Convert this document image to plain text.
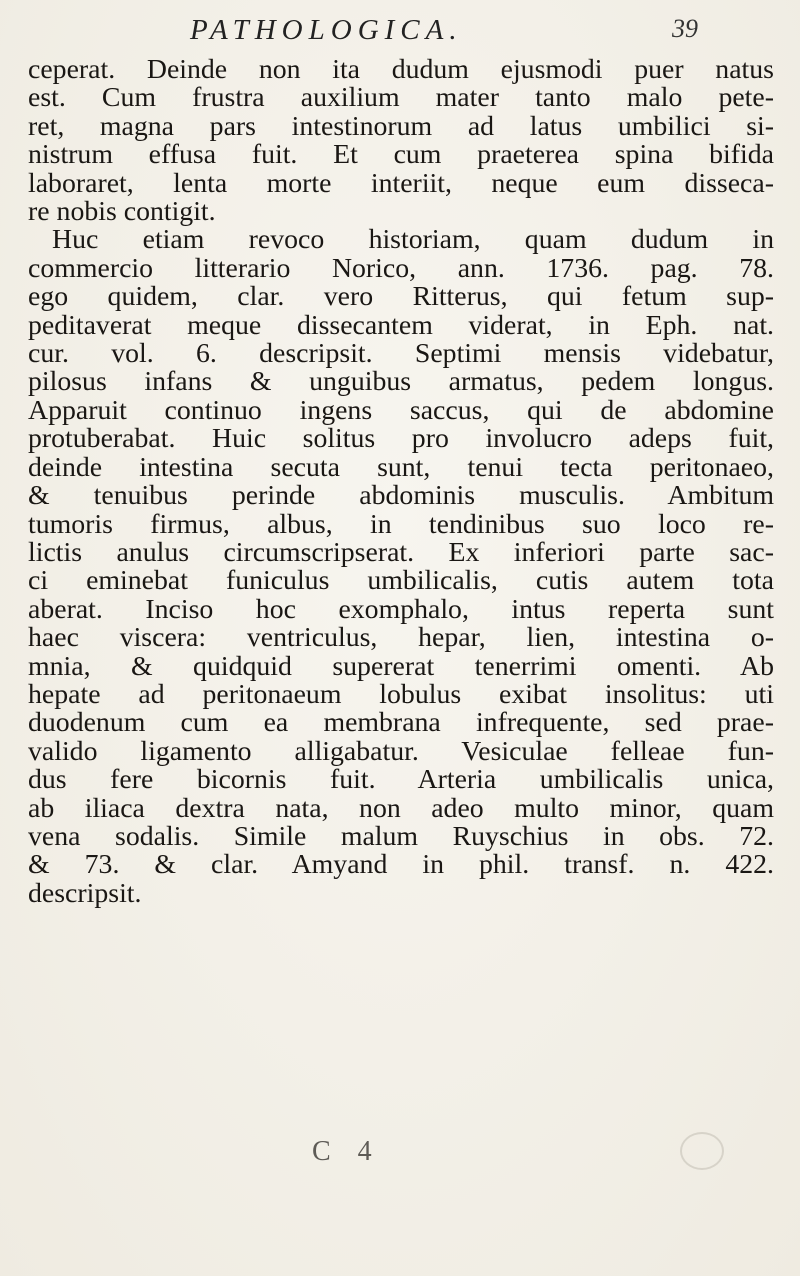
PATHOLOGICA.	39
ceperat. Deinde non ita dudum ejusmodi puer natus
est. Cum frustra auxilium mater tanto malo pete-
ret, magna pars intestinorum ad latus umbilici si-
nistrum effusa fuit. Et cum praeterea spina bifida
laboraret, lenta morte interiit, neque eum disseca-
re nobis contigit.
Huc etiam revoco historiam, quam dudum in
commercio litterario Norico, ann. 1736. pag. 78.
ego quidem, clar. vero Ritterus, qui fetum sup-
peditaverat meque dissecantem viderat, in Eph. nat.
cur. vol. 6. descripsit. Septimi mensis videbatur,
pilosus infans & unguibus armatus, pedem longus.
Apparuit continuo ingens saccus, qui de abdomine
protuberabat. Huic solitus pro involucro adeps fuit,
deinde intestina secuta sunt, tenui tecta peritonaeo,
& tenuibus perinde abdominis musculis. Ambitum
tumoris firmus, albus, in tendinibus suo loco re-
lictis anulus circumscripserat. Ex inferiori parte sac-
ci eminebat funiculus umbilicalis, cutis autem tota
aberat. Inciso hoc exomphalo, intus reperta sunt
haec viscera: ventriculus, hepar, lien, intestina o-
mnia, & quidquid supererat tenerrimi omenti. Ab
hepate ad peritonaeum lobulus exibat insolitus: uti
duodenum cum ea membrana infrequente, sed prae-
valido ligamento alligabatur. Vesiculae felleae fun-
dus fere bicornis fuit. Arteria umbilicalis unica,
ab iliaca dextra nata, non adeo multo minor, quam
vena sodalis. Simile malum Ruyschius in obs. 72.
& 73. & clar. Amyand in phil. transf. n. 422.
descripsit.
C 4
